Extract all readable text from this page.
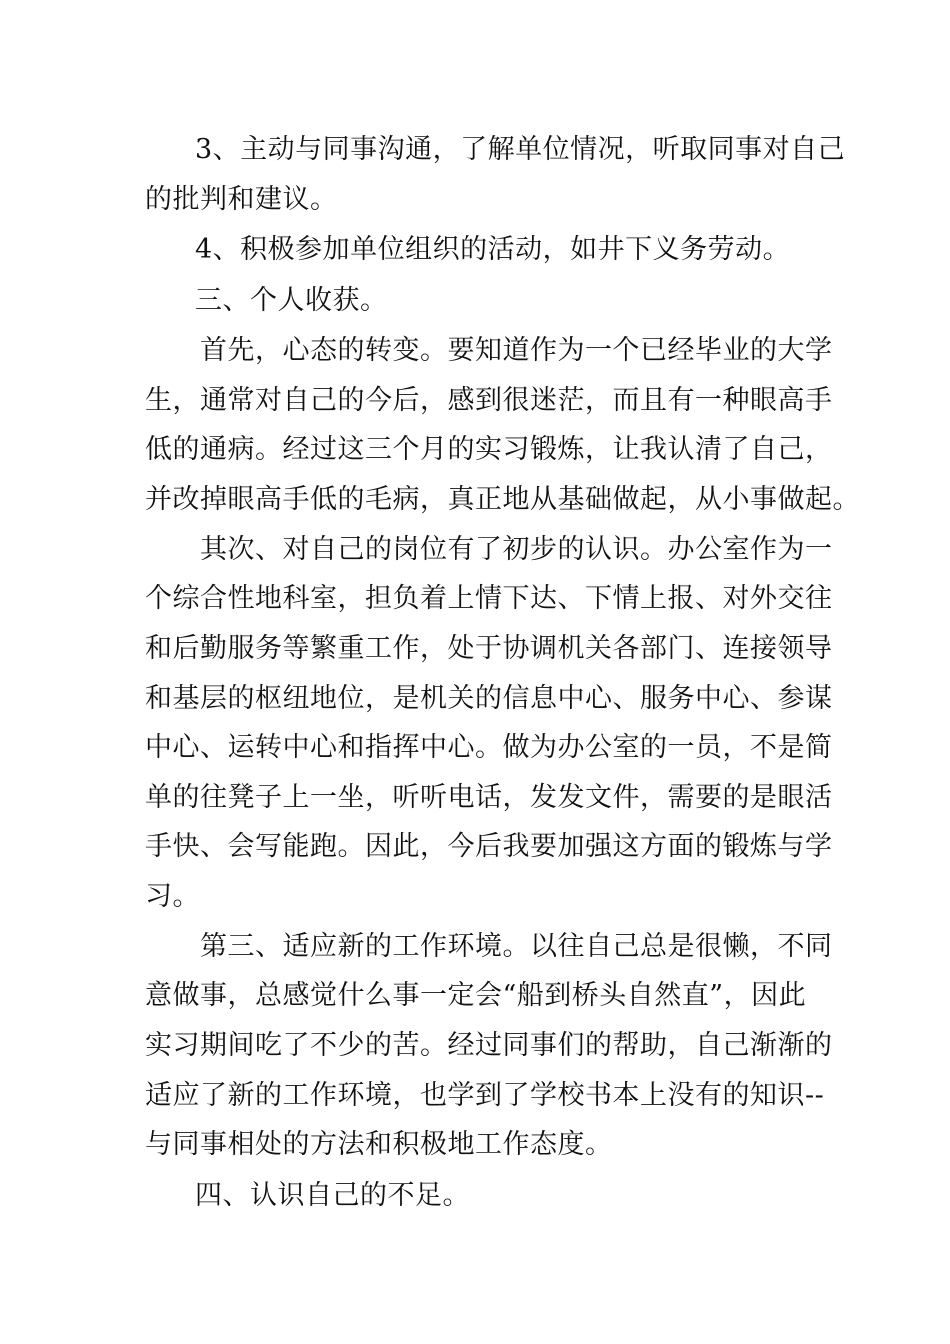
3、主动与同事沟通，了解单位情况，听取同事对自己

的批判和建议。

4、积极参加单位组织的活动，如井下义务劳动。

三、个人收获。

首先，心态的转变。要知道作为一个已经毕业的大学

生，通常对自己的今后，感到很迷茫，而且有一种眼高手

低的通病。经过这三个月的实习锻炼，让我认清了自己，

并改掉眼高手低的毛病，真正地从基础做起，从小事做起。

其次、对自己的岗位有了初步的认识。办公室作为一

个综合性地科室，担负着上情下达、下情上报、对外交往

和后勤服务等繁重工作，处于协调机关各部门、连接领导

和基层的枢纽地位，是机关的信息中心、服务中心、参谋

中心、运转中心和指挥中心。做为办公室的一员，不是简

单的往凳子上一坐，听听电话，发发文件，需要的是眼活

手快、会写能跑。因此，今后我要加强这方面的锻炼与学

习。

第三、适应新的工作环境。以往自己总是很懒，不同

意做事，总感觉什么事一定会“船到桥头自然直”，因此

实习期间吃了不少的苦。经过同事们的帮助，自己渐渐的

适应了新的工作环境，也学到了学校书本上没有的知识--

与同事相处的方法和积极地工作态度。

四、认识自己的不足。
